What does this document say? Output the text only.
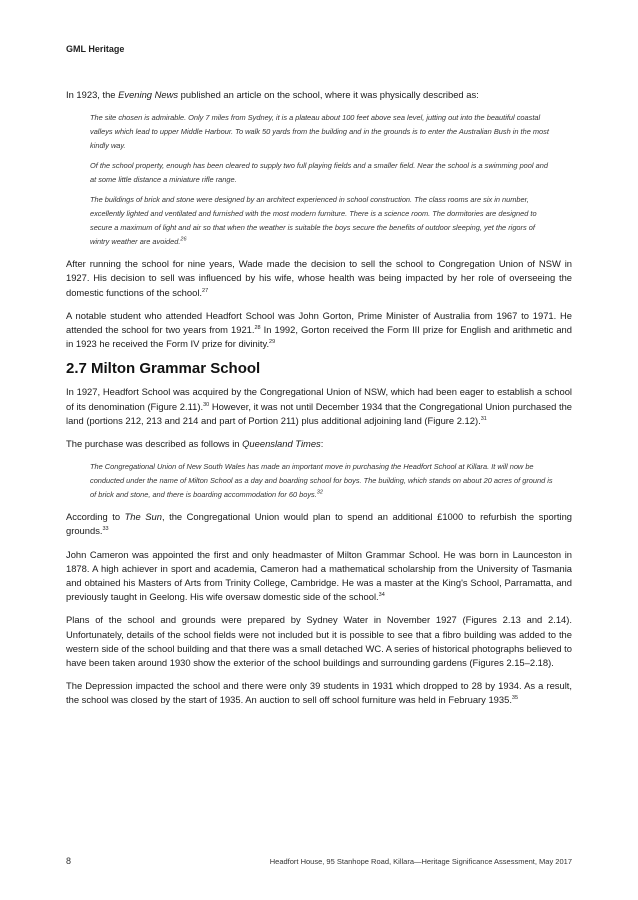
GML Heritage

In 1923, the Evening News published an article on the school, where it was physically described as:

The site chosen is admirable. Only 7 miles from Sydney, it is a plateau about 100 feet above sea level, jutting out into the beautiful coastal valleys which lead to upper Middle Harbour. To walk 50 yards from the building and in the grounds is to enter the Australian Bush in the most kindly way.

Of the school property, enough has been cleared to supply two full playing fields and a smaller field. Near the school is a swimming pool and at some little distance a miniature rifle range.

The buildings of brick and stone were designed by an architect experienced in school construction. The class rooms are six in number, excellently lighted and ventilated and furnished with the most modern furniture. There is a science room. The dormitories are designed to secure a maximum of light and air so that when the weather is suitable the boys secure the benefits of outdoor sleeping, yet the rigors of wintry weather are avoided.$^{26}$

After running the school for nine years, Wade made the decision to sell the school to Congregation Union of NSW in 1927. His decision to sell was influenced by his wife, whose health was being impacted by her role of overseeing the domestic functions of the school.$^{27}$

A notable student who attended Headfort School was John Gorton, Prime Minister of Australia from 1967 to 1971. He attended the school for two years from 1921.28 In 1992, Gorton received the Form III prize for English and arithmetic and in 1923 he received the Form IV prize for divinity.$^{29}$

2.7 Milton Grammar School

In 1927, Headfort School was acquired by the Congregational Union of NSW, which had been eager to establish a school of its denomination (Figure 2.11).$^{30}$ However, it was not until December 1934 that the Congregational Union purchased the land (portions 212, 213 and 214 and part of Portion 211) plus additional adjoining land (Figure 2.12).$^{31}$

The purchase was described as follows in Queensland Times:

The Congregational Union of New South Wales has made an important move in purchasing the Headfort School at Killara. It will now be conducted under the name of Milton School as a day and boarding school for boys. The building, which stands on about 20 acres of ground is of brick and stone, and there is boarding accommodation for 60 boys.$^{32}$

According to The Sun, the Congregational Union would plan to spend an additional £1000 to refurbish the sporting grounds.$^{33}$

John Cameron was appointed the first and only headmaster of Milton Grammar School. He was born in Launceston in 1878. A high achiever in sport and academia, Cameron had a mathematical scholarship from the University of Tasmania and obtained his Masters of Arts from Trinity College, Cambridge. He was a master at the King's School, Parramatta, and previously taught in Geelong. His wife oversaw domestic side of the school.$^{34}$

Plans of the school and grounds were prepared by Sydney Water in November 1927 (Figures 2.13 and 2.14). Unfortunately, details of the school fields were not included but it is possible to see that a fibro building was added to the western side of the school building and that there was a small detached WC. A series of historical photographs believed to have been taken around 1930 show the exterior of the school buildings and surrounding gardens (Figures 2.15–2.18).

The Depression impacted the school and there were only 39 students in 1931 which dropped to 28 by 1934. As a result, the school was closed by the start of 1935. An auction to sell off school furniture was held in February 1935.35

8	Headfort House, 95 Stanhope Road, Killara—Heritage Significance Assessment, May 2017
